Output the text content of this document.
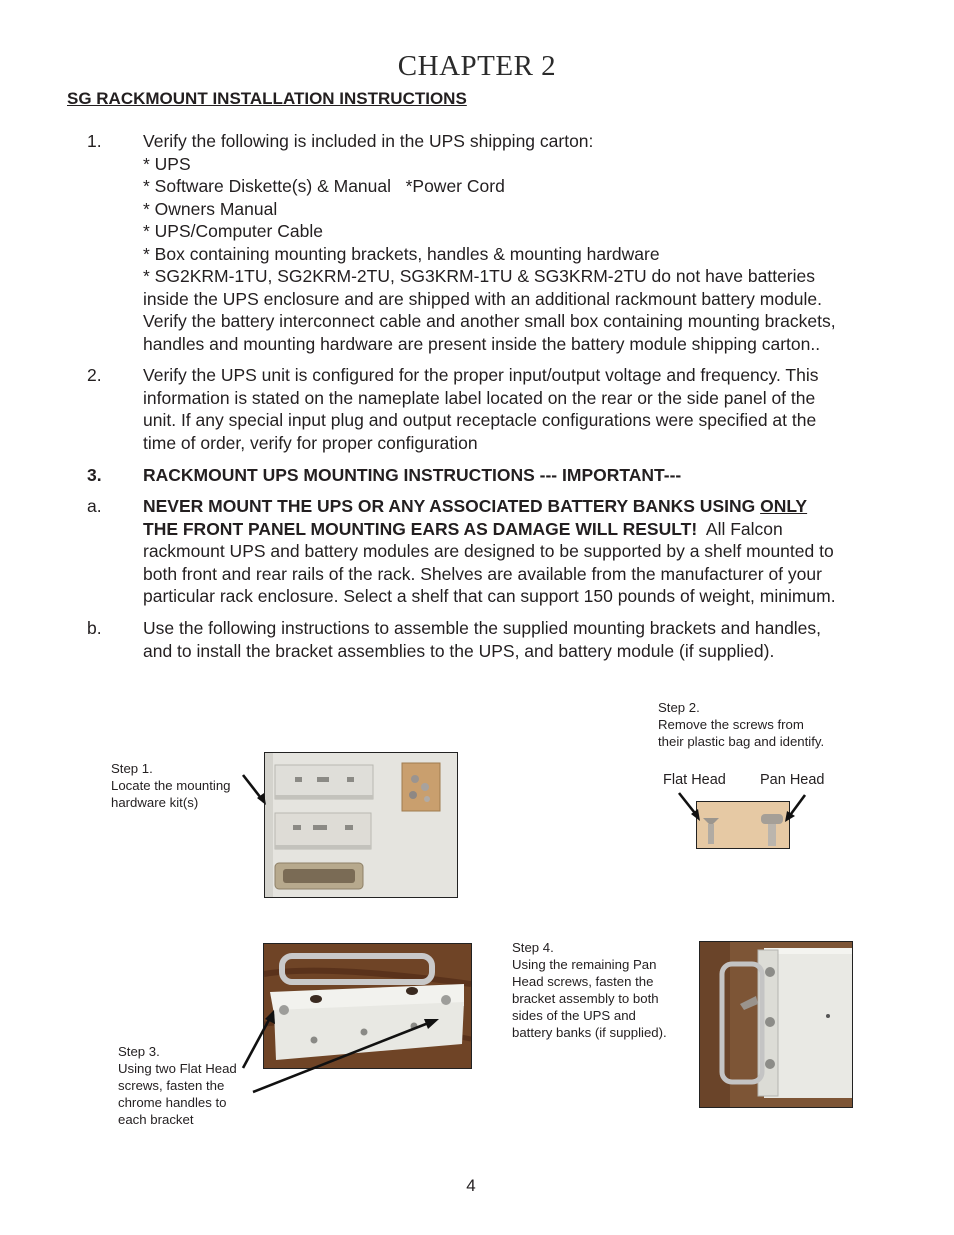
CHAPTER 2
SG RACKMOUNT INSTALLATION INSTRUCTIONS
1. Verify the following is included in the UPS shipping carton:
* UPS
* Software Diskette(s) & Manual   *Power Cord
* Owners Manual
* UPS/Computer Cable
* Box containing mounting brackets, handles & mounting hardware
* SG2KRM-1TU, SG2KRM-2TU, SG3KRM-1TU & SG3KRM-2TU do not have batteries
inside the UPS enclosure and are shipped with an additional rackmount battery module.
Verify the battery interconnect cable and another small box containing mounting brackets,
handles and mounting hardware are present inside the battery module shipping carton..
2. Verify the UPS unit is configured for the proper input/output voltage and frequency. This
information is stated on the nameplate label located on the rear or the side panel of the
unit. If any special input plug and output receptacle configurations were specified at the
time of order, verify for proper configuration
3. RACKMOUNT UPS MOUNTING INSTRUCTIONS --- IMPORTANT---
a. NEVER MOUNT THE UPS OR ANY ASSOCIATED BATTERY BANKS USING ONLY
THE FRONT PANEL MOUNTING EARS AS DAMAGE WILL RESULT!  All Falcon
rackmount UPS and battery modules are designed to be supported by a shelf mounted to
both front and rear rails of the rack. Shelves are available from the manufacturer of your
particular rack enclosure. Select a shelf that can support 150 pounds of weight, minimum.
b. Use the following instructions to assemble the supplied mounting brackets and handles,
and to install the bracket assemblies to the UPS, and battery module (if supplied).
Step 1.
Locate the mounting
hardware kit(s)
Step 2.
Remove the screws from
their plastic bag and identify.
Flat Head Pan Head
Step 3.
Using two Flat Head
screws, fasten the
chrome handles to
each bracket
Step 4.
Using the remaining Pan
Head screws, fasten the
bracket assembly to both
sides of the UPS and
battery banks (if supplied).
4
